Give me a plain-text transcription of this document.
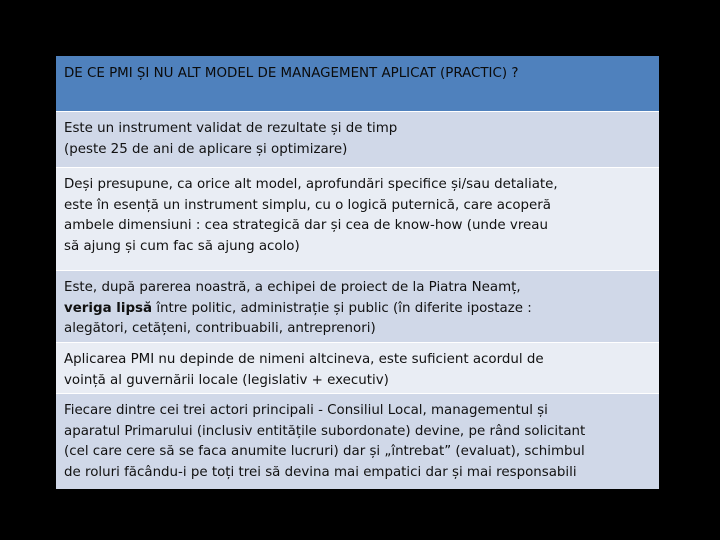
DE CE PMI ȘI NU ALT MODEL DE MANAGEMENT APLICAT (PRACTIC) ?
Este un instrument validat de rezultate și de timp
(peste 25 de ani de aplicare și optimizare)
Deși presupune, ca orice alt model, aprofundări specifice și/sau detaliate,
este în esență un instrument simplu, cu o logică puternică, care acoperă
ambele dimensiuni : cea strategică dar și cea de know-how (unde vreau
să ajung și cum fac să ajung acolo)
Este, după parerea noastră, a echipei de proiect de la Piatra Neamț,
veriga lipsă între politic, administrație și public (în diferite ipostaze :
alegători, cetățeni, contribuabili, antreprenori)
Aplicarea PMI nu depinde de nimeni altcineva, este suficient acordul de
voință al guvernării locale (legislativ + executiv)
Fiecare dintre cei trei actori principali - Consiliul Local, managementul și
aparatul Primarului (inclusiv entitățile subordonate) devine, pe rând solicitant
(cel care cere să se faca anumite lucruri) dar și „întrebat” (evaluat), schimbul
de roluri făcându-i pe toți trei să devina mai empatici dar și mai responsabili
